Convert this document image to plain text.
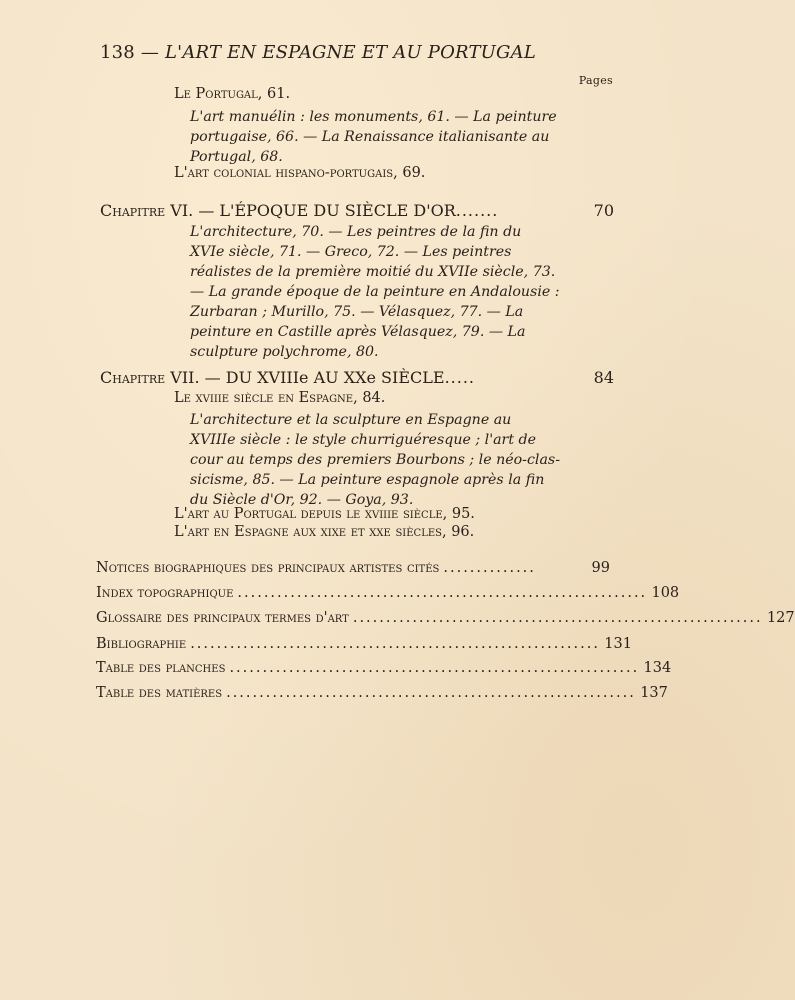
138 — L'ART EN ESPAGNE ET AU PORTUGAL
Pages
Le Portugal, 61.
L'art manuélin : les monuments, 61. — La peinture
portugaise, 66. — La Renaissance italianisante au
Portugal, 68.
L'art colonial hispano-portugais, 69.
Chapitre
VI. — L'ÉPOQUE DU SIÈCLE D'OR .......	70
L'architecture, 70. — Les peintres de la fin du
XVIe siècle, 71. — Greco, 72. — Les peintres
réalistes de la première moitié du XVIIe siècle, 73.
— La grande époque de la peinture en Andalousie :
Zurbaran ; Murillo, 75. — Vélasquez, 77. — La
peinture en Castille après Vélasquez, 79. — La
sculpture polychrome, 80.
Chapitre
VII. — DU XVIIIe AU XXe SIÈCLE .....	84
Le xviiie siècle en Espagne, 84.
L'architecture et la sculpture en Espagne au
XVIIIe siècle : le style churriguéresque ; l'art de
cour au temps des premiers Bourbons ; le néo-clas-
sicisme, 85. — La peinture espagnole après la fin
du Siècle d'Or, 92. — Goya, 93.
L'art au Portugal depuis le xviiie siècle, 95.
L'art en Espagne aux xixe et xxe siècles, 96.
Notices biographiques des principaux artistes cités ..............	99
Index topographique .............................................................. 108
Glossaire des principaux termes d'art .............................................................. 127
Bibliographie .............................................................. 131
Table des planches .............................................................. 134
Table des matières .............................................................. 137
